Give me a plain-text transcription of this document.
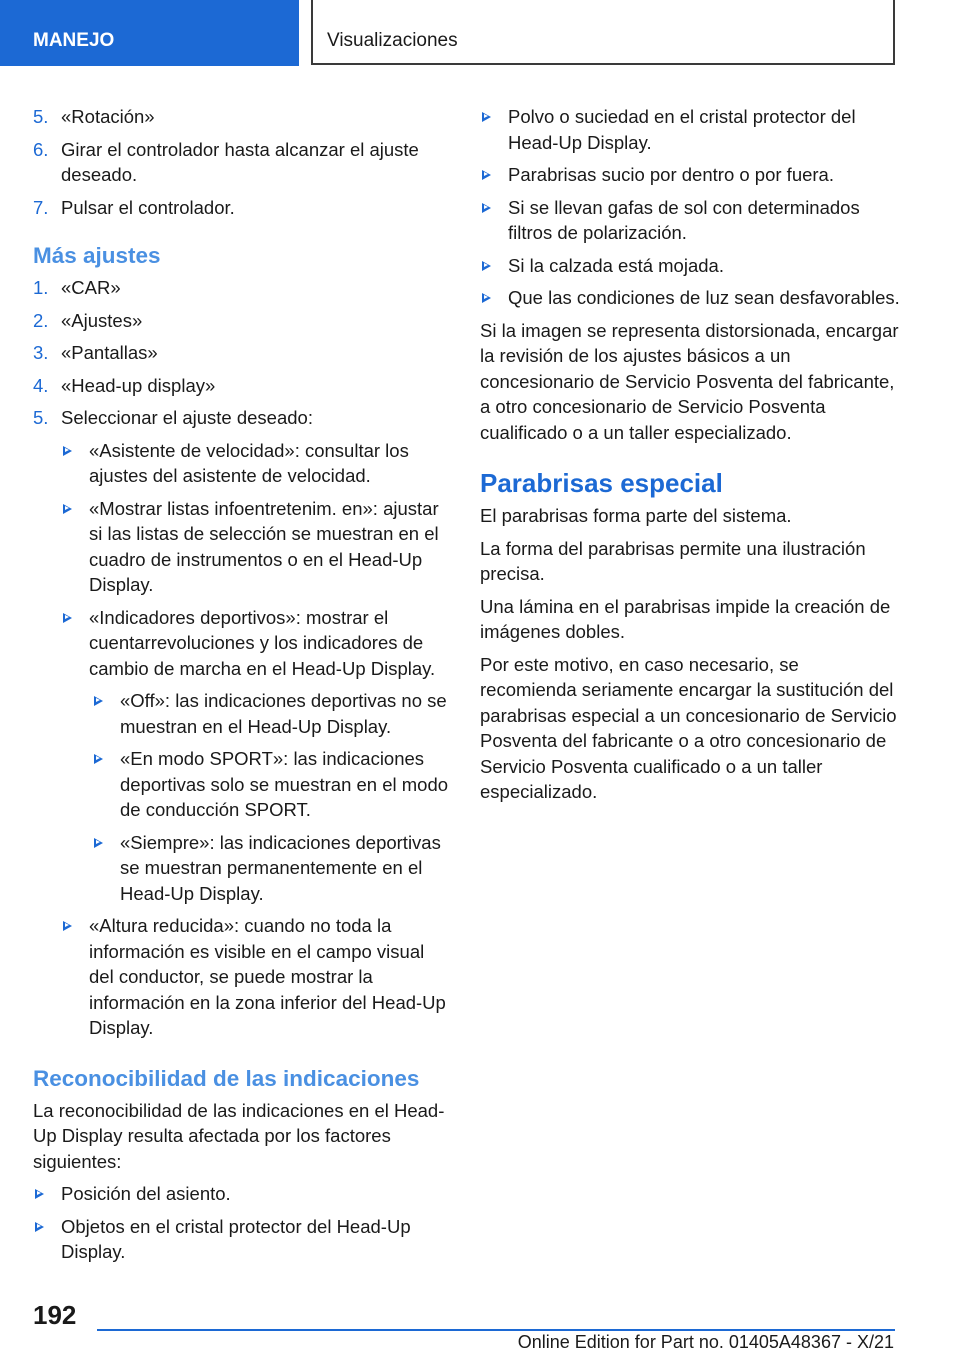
MANEJO	Visualizaciones
5. «Rotación»
6. Girar el controlador hasta alcanzar el ajuste deseado.
7. Pulsar el controlador.
Más ajustes
1. «CAR»
2. «Ajustes»
3. «Pantallas»
4. «Head-up display»
5. Seleccionar el ajuste deseado:
«Asistente de velocidad»: consultar los ajustes del asistente de velocidad.
«Mostrar listas infoentretenim. en»: ajustar si las listas de selección se muestran en el cuadro de instrumentos o en el Head-Up Display.
«Indicadores deportivos»: mostrar el cuentarrevoluciones y los indicadores de cambio de marcha en el Head-Up Display.
«Off»: las indicaciones deportivas no se muestran en el Head-Up Display.
«En modo SPORT»: las indicaciones deportivas solo se muestran en el modo de conducción SPORT.
«Siempre»: las indicaciones deportivas se muestran permanentemente en el Head-Up Display.
«Altura reducida»: cuando no toda la información es visible en el campo visual del conductor, se puede mostrar la información en la zona inferior del Head-Up Display.
Reconocibilidad de las indicaciones
La reconocibilidad de las indicaciones en el Head-Up Display resulta afectada por los factores siguientes:
Posición del asiento.
Objetos en el cristal protector del Head-Up Display.
Polvo o suciedad en el cristal protector del Head-Up Display.
Parabrisas sucio por dentro o por fuera.
Si se llevan gafas de sol con determinados filtros de polarización.
Si la calzada está mojada.
Que las condiciones de luz sean desfavorables.
Si la imagen se representa distorsionada, encargar la revisión de los ajustes básicos a un concesionario de Servicio Posventa del fabricante, a otro concesionario de Servicio Posventa cualificado o a un taller especializado.
Parabrisas especial
El parabrisas forma parte del sistema.
La forma del parabrisas permite una ilustración precisa.
Una lámina en el parabrisas impide la creación de imágenes dobles.
Por este motivo, en caso necesario, se recomienda seriamente encargar la sustitución del parabrisas especial a un concesionario de Servicio Posventa del fabricante o a otro concesionario de Servicio Posventa cualificado o a un taller especializado.
192
Online Edition for Part no. 01405A48367 - X/21
